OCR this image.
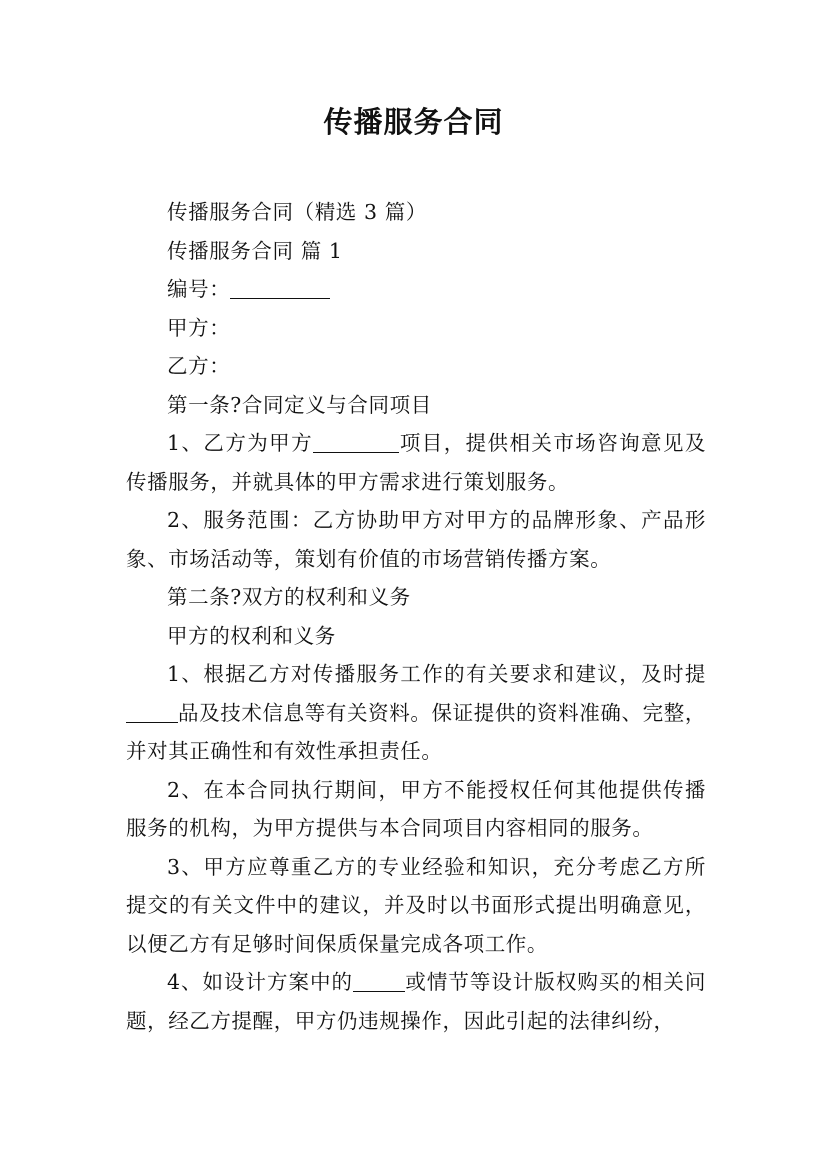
传播服务合同

传播服务合同（精选 3 篇）

传播服务合同 篇 1

编号：

甲方：

乙方：

第一条?合同定义与合同项目

1、乙方为甲方	项目，提供相关市场咨询意见及传播服务，并就具体的甲方需求进行策划服务。

2、服务范围：乙方协助甲方对甲方的品牌形象、产品形象、市场活动等，策划有价值的市场营销传播方案。

第二条?双方的权利和义务

甲方的权利和义务

1、根据乙方对传播服务工作的有关要求和建议，及时提品及技术信息等有关资料。保证提供的资料准确、完整，并对其正确性和有效性承担责任。

2、在本合同执行期间，甲方不能授权任何其他提供传播服务的机构，为甲方提供与本合同项目内容相同的服务。

3、甲方应尊重乙方的专业经验和知识，充分考虑乙方所提交的有关文件中的建议，并及时以书面形式提出明确意见，以便乙方有足够时间保质保量完成各项工作。

4、如设计方案中的	或情节等设计版权购买的相关问题，经乙方提醒，甲方仍违规操作，因此引起的法律纠纷，
